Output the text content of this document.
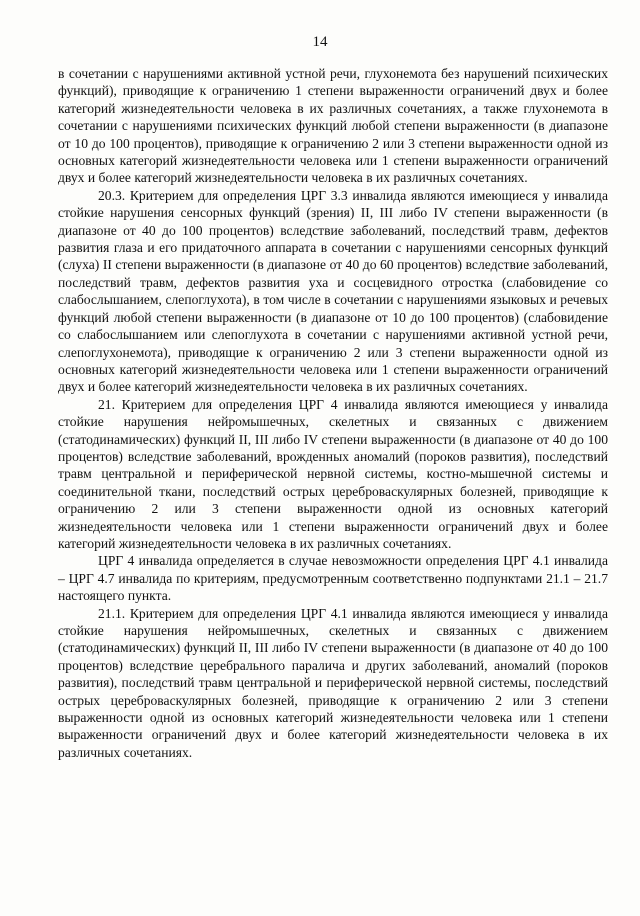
14

в сочетании с нарушениями активной устной речи, глухонемота без нарушений психических функций), приводящие к ограничению 1 степени выраженности ограничений двух и более категорий жизнедеятельности человека в их различных сочетаниях, а также глухонемота в сочетании с нарушениями психических функций любой степени выраженности (в диапазоне от 10 до 100 процентов), приводящие к ограничению 2 или 3 степени выраженности одной из основных категорий жизнедеятельности человека или 1 степени выраженности ограничений двух и более категорий жизнедеятельности человека в их различных сочетаниях.

20.3. Критерием для определения ЦРГ 3.3 инвалида являются имеющиеся у инвалида стойкие нарушения сенсорных функций (зрения) II, III либо IV степени выраженности (в диапазоне от 40 до 100 процентов) вследствие заболеваний, последствий травм, дефектов развития глаза и его придаточного аппарата в сочетании с нарушениями сенсорных функций (слуха) II степени выраженности (в диапазоне от 40 до 60 процентов) вследствие заболеваний, последствий травм, дефектов развития уха и сосцевидного отростка (слабовидение со слабослышанием, слепоглухота), в том числе в сочетании с нарушениями языковых и речевых функций любой степени выраженности (в диапазоне от 10 до 100 процентов) (слабовидение со слабослышанием или слепоглухота в сочетании с нарушениями активной устной речи, слепоглухонемота), приводящие к ограничению 2 или 3 степени выраженности одной из основных категорий жизнедеятельности человека или 1 степени выраженности ограничений двух и более категорий жизнедеятельности человека в их различных сочетаниях.

21. Критерием для определения ЦРГ 4 инвалида являются имеющиеся у инвалида стойкие нарушения нейромышечных, скелетных и связанных с движением (статодинамических) функций II, III либо IV степени выраженности (в диапазоне от 40 до 100 процентов) вследствие заболеваний, врожденных аномалий (пороков развития), последствий травм центральной и периферической нервной системы, костно-мышечной системы и соединительной ткани, последствий острых цереброваскулярных болезней, приводящие к ограничению 2 или 3 степени выраженности одной из основных категорий жизнедеятельности человека или 1 степени выраженности ограничений двух и более категорий жизнедеятельности человека в их различных сочетаниях.

ЦРГ 4 инвалида определяется в случае невозможности определения ЦРГ 4.1 инвалида – ЦРГ 4.7 инвалида по критериям, предусмотренным соответственно подпунктами 21.1 – 21.7 настоящего пункта.

21.1. Критерием для определения ЦРГ 4.1 инвалида являются имеющиеся у инвалида стойкие нарушения нейромышечных, скелетных и связанных с движением (статодинамических) функций II, III либо IV степени выраженности (в диапазоне от 40 до 100 процентов) вследствие церебрального паралича и других заболеваний, аномалий (пороков развития), последствий травм центральной и периферической нервной системы, последствий острых цереброваскулярных болезней, приводящие к ограничению 2 или 3 степени выраженности одной из основных категорий жизнедеятельности человека или 1 степени выраженности ограничений двух и более категорий жизнедеятельности человека в их различных сочетаниях.
